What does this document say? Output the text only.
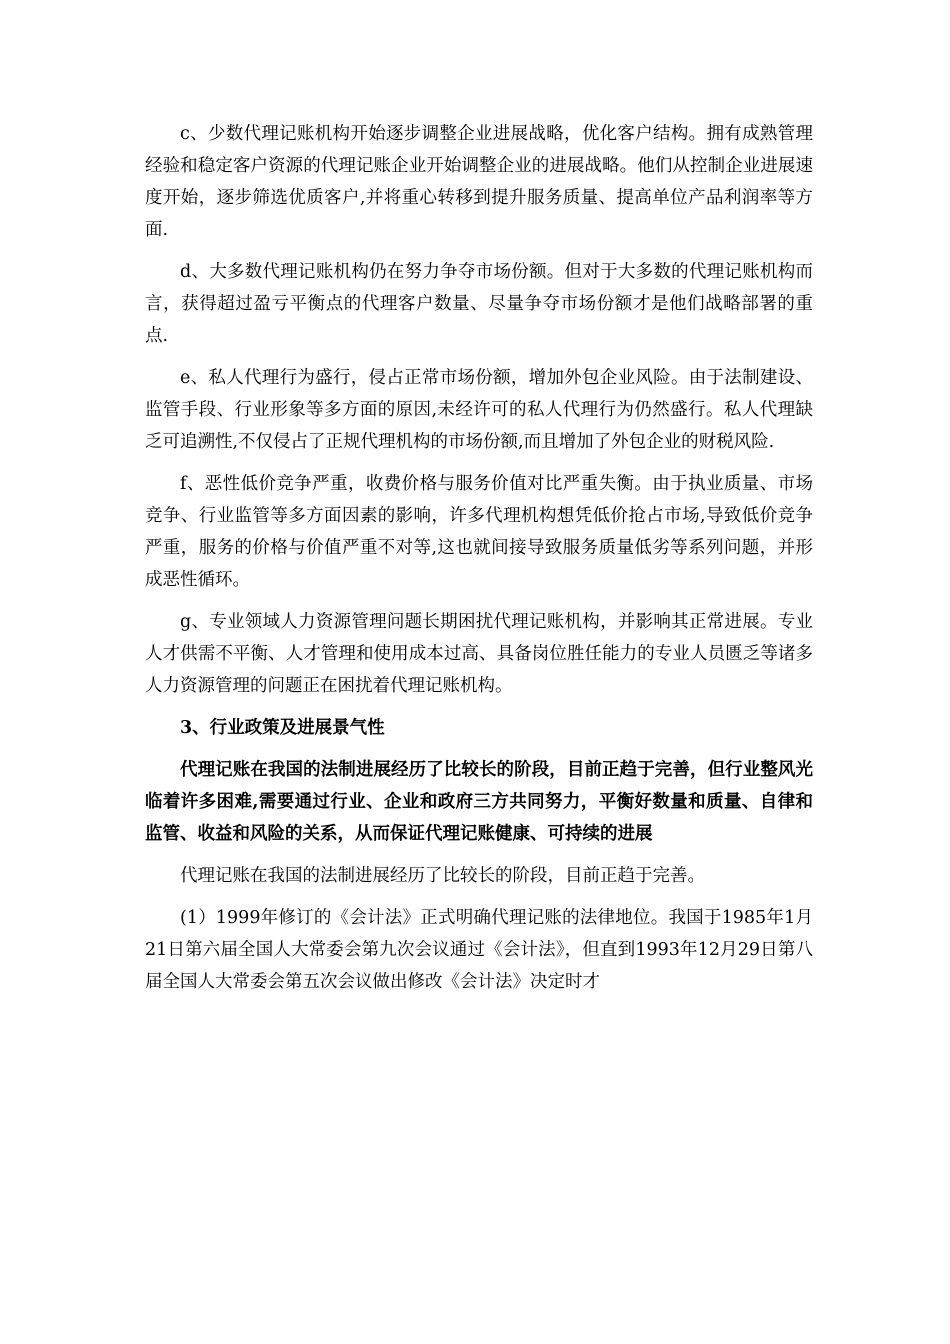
c、少数代理记账机构开始逐步调整企业进展战略，优化客户结构。拥有成熟管理经验和稳定客户资源的代理记账企业开始调整企业的进展战略。他们从控制企业进展速度开始，逐步筛选优质客户,并将重心转移到提升服务质量、提高单位产品利润率等方面.

d、大多数代理记账机构仍在努力争夺市场份额。但对于大多数的代理记账机构而言，获得超过盈亏平衡点的代理客户数量、尽量争夺市场份额才是他们战略部署的重点.

e、私人代理行为盛行，侵占正常市场份额，增加外包企业风险。由于法制建设、监管手段、行业形象等多方面的原因,未经许可的私人代理行为仍然盛行。私人代理缺乏可追溯性,不仅侵占了正规代理机构的市场份额,而且增加了外包企业的财税风险.

f、恶性低价竞争严重，收费价格与服务价值对比严重失衡。由于执业质量、市场竞争、行业监管等多方面因素的影响，许多代理机构想凭低价抢占市场,导致低价竞争严重，服务的价格与价值严重不对等,这也就间接导致服务质量低劣等系列问题，并形成恶性循环。

g、专业领域人力资源管理问题长期困扰代理记账机构，并影响其正常进展。专业人才供需不平衡、人才管理和使用成本过高、具备岗位胜任能力的专业人员匮乏等诸多人力资源管理的问题正在困扰着代理记账机构。

3、行业政策及进展景气性

代理记账在我国的法制进展经历了比较长的阶段，目前正趋于完善，但行业整风光临着许多困难,需要通过行业、企业和政府三方共同努力，平衡好数量和质量、自律和监管、收益和风险的关系，从而保证代理记账健康、可持续的进展

代理记账在我国的法制进展经历了比较长的阶段，目前正趋于完善。

(1）1999年修订的《会计法》正式明确代理记账的法律地位。我国于1985年1月21日第六届全国人大常委会第九次会议通过《会计法》，但直到1993年12月29日第八届全国人大常委会第五次会议做出修改《会计法》决定时才
